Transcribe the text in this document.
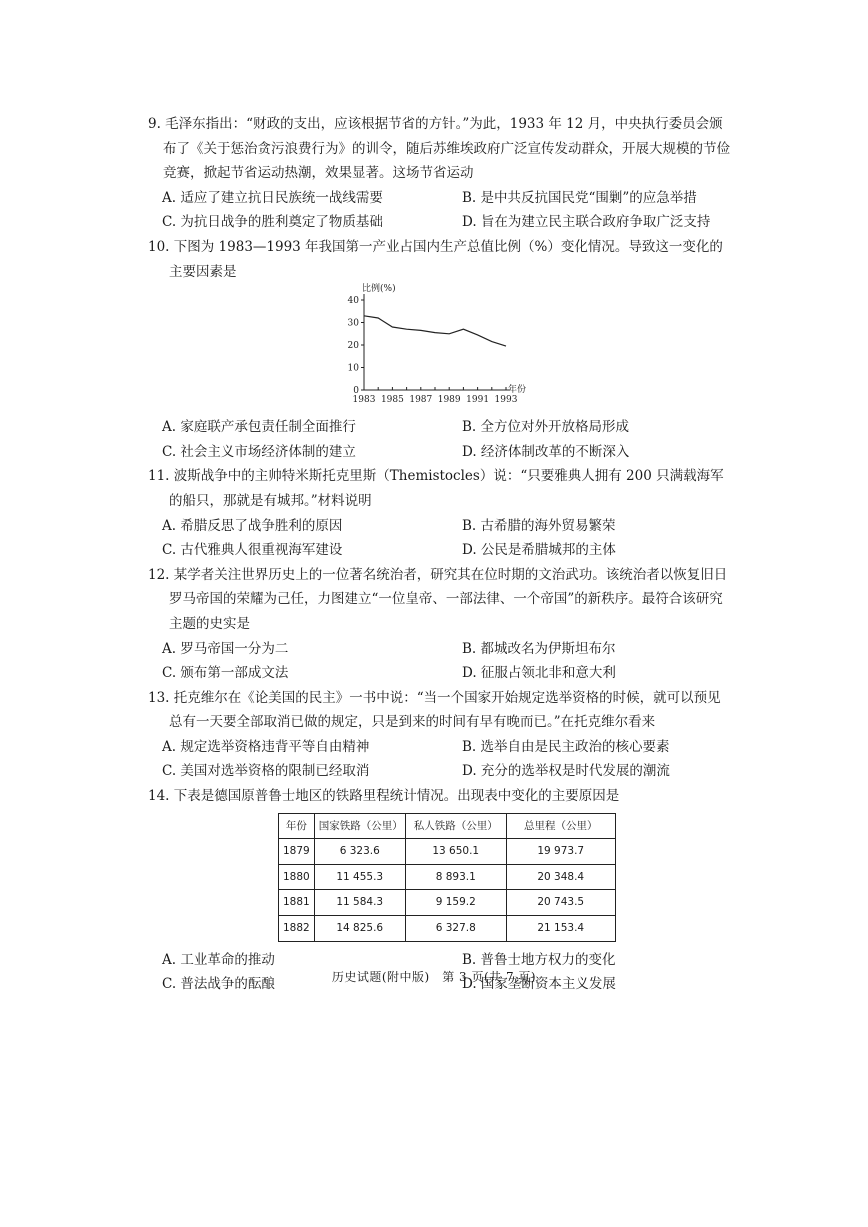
9. 毛泽东指出：“财政的支出，应该根据节省的方针。”为此，1933 年 12 月，中央执行委员会颁布了《关于惩治贪污浪费行为》的训令，随后苏维埃政府广泛宣传发动群众，开展大规模的节俭竞赛，掀起节省运动热潮，效果显著。这场节省运动
A. 适应了建立抗日民族统一战线需要	B. 是中共反抗国民党“围剿”的应急举措
C. 为抗日战争的胜利奠定了物质基础	D. 旨在为建立民主联合政府争取广泛支持
10. 下图为 1983—1993 年我国第一产业占国内生产总值比例（%）变化情况。导致这一变化的主要因素是
0
10
20
30
40
1983 1985 1987 1989 1991 1993
比例(%)
年份
A. 家庭联产承包责任制全面推行	B. 全方位对外开放格局形成
C. 社会主义市场经济体制的建立	D. 经济体制改革的不断深入
11. 波斯战争中的主帅特米斯托克里斯（Themistocles）说：“只要雅典人拥有 200 只满载海军的船只，那就是有城邦。”材料说明
A. 希腊反思了战争胜利的原因	B. 古希腊的海外贸易繁荣
C. 古代雅典人很重视海军建设	D. 公民是希腊城邦的主体
12. 某学者关注世界历史上的一位著名统治者，研究其在位时期的文治武功。该统治者以恢复旧日罗马帝国的荣耀为己任，力图建立“一位皇帝、一部法律、一个帝国”的新秩序。最符合该研究主题的史实是
A. 罗马帝国一分为二	B. 都城改名为伊斯坦布尔
C. 颁布第一部成文法	D. 征服占领北非和意大利
13. 托克维尔在《论美国的民主》一书中说：“当一个国家开始规定选举资格的时候，就可以预见总有一天要全部取消已做的规定，只是到来的时间有早有晚而已。”在托克维尔看来
A. 规定选举资格违背平等自由精神	B. 选举自由是民主政治的核心要素
C. 美国对选举资格的限制已经取消	D. 充分的选举权是时代发展的潮流
14. 下表是德国原普鲁士地区的铁路里程统计情况。出现表中变化的主要原因是
年份	国家铁路（公里）	私人铁路（公里）	总里程（公里）
1879	6 323.6	13 650.1	19 973.7
1880	11 455.3	8 893.1	20 348.4
1881	11 584.3	9 159.2	20 743.5
1882	14 825.6	6 327.8	21 153.4
A. 工业革命的推动	B. 普鲁士地方权力的变化
C. 普法战争的酝酿	D. 国家垄断资本主义发展
历史试题(附中版)　第 3 页(共 7 页)
